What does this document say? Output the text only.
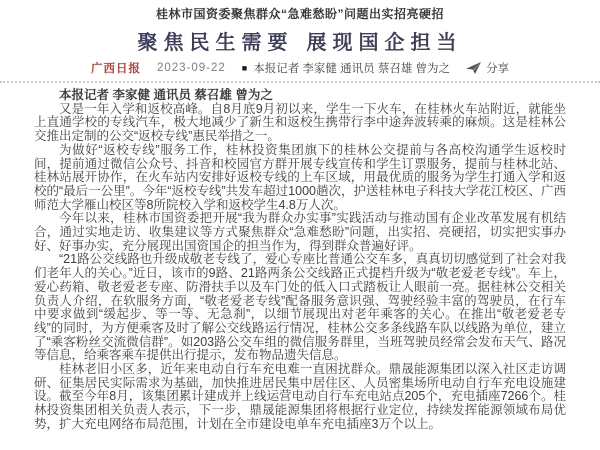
桂林市国资委聚焦群众“急难愁盼”问题出实招亮硬招
聚焦民生需要 展现国企担当
广西日报 2023-09-22 ■ 本报记者 李家健 通讯员 蔡召雄 曾为之	分享

本报记者 李家健 通讯员 蔡召雄 曾为之

又是一年入学和返校高峰。自8月底9月初以来，学生一下火车，在桂林火车站附近，就能坐上直通学校的专线汽车，极大地减少了新生和返校生携带行李中途奔波转乘的麻烦。这是桂林公交推出定制的公交“返校专线”惠民举措之一。

为做好“返校专线”服务工作，桂林投资集团旗下的桂林公交提前与各高校沟通学生返校时间，提前通过微信公众号、抖音和校园官方群开展专线宣传和学生订票服务，提前与桂林北站、桂林站展开协作，在火车站内安排好返校专线的上车区域，用最优质的服务为学生打通入学和返校的“最后一公里”。今年“返校专线”共发车超过1000趟次，护送桂林电子科技大学花江校区、广西师范大学雁山校区等8所院校入学和返校学生4.8万人次。

今年以来，桂林市国资委把开展“我为群众办实事”实践活动与推动国有企业改革发展有机结合，通过实地走访、收集建议等方式聚焦群众“急难愁盼”问题，出实招、亮硬招，切实把实事办好、好事办实，充分展现出国资国企的担当作为，得到群众普遍好评。

“21路公交线路也升级成敬老专线了，爱心专座比普通公交车多，真真切切感觉到了社会对我们老年人的关心。”近日，该市的9路、21路两条公交线路正式提档升级为“敬老爱老专线”。车上，爱心药箱、敬老爱老专座、防滑扶手以及车门处的低入口式踏板让人眼前一亮。据桂林公交相关负责人介绍，在软服务方面，“敬老爱老专线”配备服务意识强、驾驶经验丰富的驾驶员，在行车中要求做到“缓起步、等一等、无急刹”，以细节展现出对老年乘客的关心。在推出“敬老爱老专线”的同时，为方便乘客及时了解公交线路运行情况，桂林公交多条线路车队以线路为单位，建立了“乘客粉丝交流微信群”。如203路公交车组的微信服务群里，当班驾驶员经常会发布天气、路况等信息，给乘客乘车提供出行提示，发布物品遗失信息。

桂林老旧小区多，近年来电动自行车充电难一直困扰群众。鼎晟能源集团以深入社区走访调研、征集居民实际需求为基础，加快推进居民集中居住区、人员密集场所电动自行车充电设施建设。截至今年8月，该集团累计建成并上线运营电动自行车充电站点205个，充电插座7266个。桂林投资集团相关负责人表示，下一步，鼎晟能源集团将根据行业定位，持续发挥能源领域布局优势，扩大充电网络布局范围，计划在全市建设电单车充电插座3万个以上。
